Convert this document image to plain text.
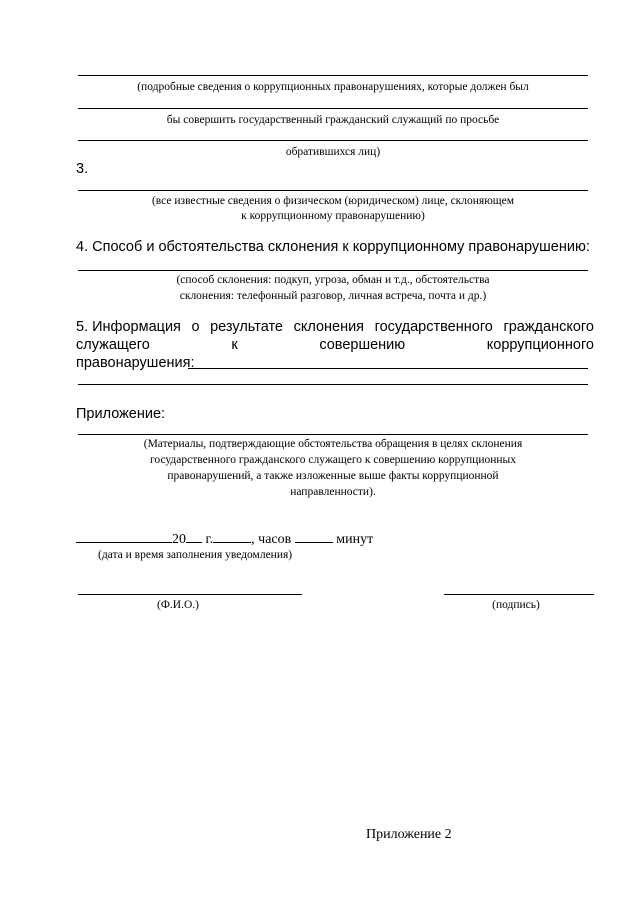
(подробные сведения о коррупционных правонарушениях, которые должен был
бы совершить государственный гражданский служащий по просьбе
обратившихся лиц)
3.
(все известные сведения о физическом (юридическом) лице, склоняющем
к коррупционному правонарушению)
4. Способ и обстоятельства склонения к коррупционному правонарушению:
(способ склонения: подкуп, угроза, обман и т.д., обстоятельства
склонения: телефонный разговор, личная встреча, почта и др.)
5. Информация о результате склонения государственного гражданского
служащего	к	совершению	коррупционного
правонарушения:
Приложение:
(Материалы, подтверждающие обстоятельства обращения в целях склонения
государственного гражданского служащего к совершению коррупционных
правонарушений, а также изложенные выше факты коррупционной
направленности).
20 г.	, часов	минут
(дата и время заполнения уведомления)
(Ф.И.О.)	(подпись)
Приложение 2
